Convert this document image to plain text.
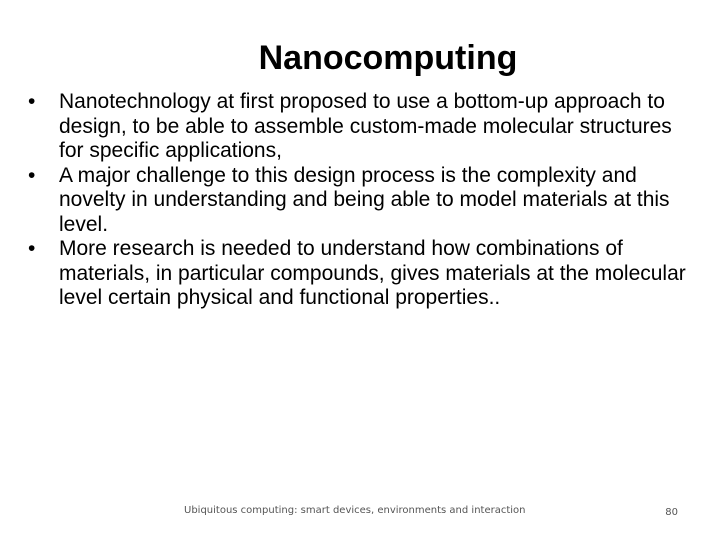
Nanocomputing
•	Nanotechnology at first proposed to use a bottom-up approach to design, to be able to assemble custom-made molecular structures for specific applications,
•	A major challenge to this design process is the complexity and novelty in understanding and being able to model materials at this level.
•	More research is needed to understand how combinations of materials, in particular compounds, gives materials at the molecular level certain physical and functional properties..
Ubiquitous computing: smart devices, environments and interaction	80
